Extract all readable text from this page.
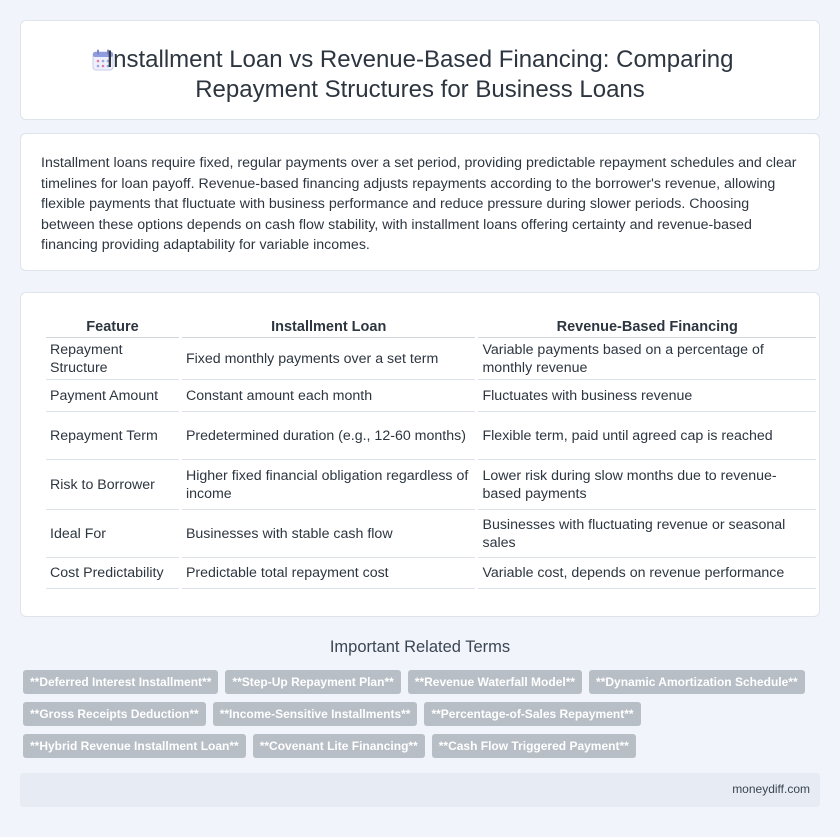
Installment Loan vs Revenue-Based Financing: Comparing
Repayment Structures for Business Loans

Installment loans require fixed, regular payments over a set period, providing predictable repayment schedules and clear timelines for loan payoff. Revenue-based financing adjusts repayments according to the borrower's revenue, allowing flexible payments that fluctuate with business performance and reduce pressure during slower periods. Choosing between these options depends on cash flow stability, with installment loans offering certainty and revenue-based financing providing adaptability for variable incomes.

Feature	Installment Loan	Revenue-Based Financing
Repayment Structure	Fixed monthly payments over a set term	Variable payments based on a percentage of monthly revenue
Payment Amount	Constant amount each month	Fluctuates with business revenue
Repayment Term	Predetermined duration (e.g., 12-60 months)	Flexible term, paid until agreed cap is reached
Risk to Borrower	Higher fixed financial obligation regardless of income	Lower risk during slow months due to revenue-based payments
Ideal For	Businesses with stable cash flow	Businesses with fluctuating revenue or seasonal sales
Cost Predictability	Predictable total repayment cost	Variable cost, depends on revenue performance
Important Related Terms
**Deferred Interest Installment**	**Step-Up Repayment Plan**	**Revenue Waterfall Model**	**Dynamic Amortization Schedule**
**Gross Receipts Deduction**	**Income-Sensitive Installments**	**Percentage-of-Sales Repayment**
**Hybrid Revenue Installment Loan**	**Covenant Lite Financing**	**Cash Flow Triggered Payment**
moneydiff.com
